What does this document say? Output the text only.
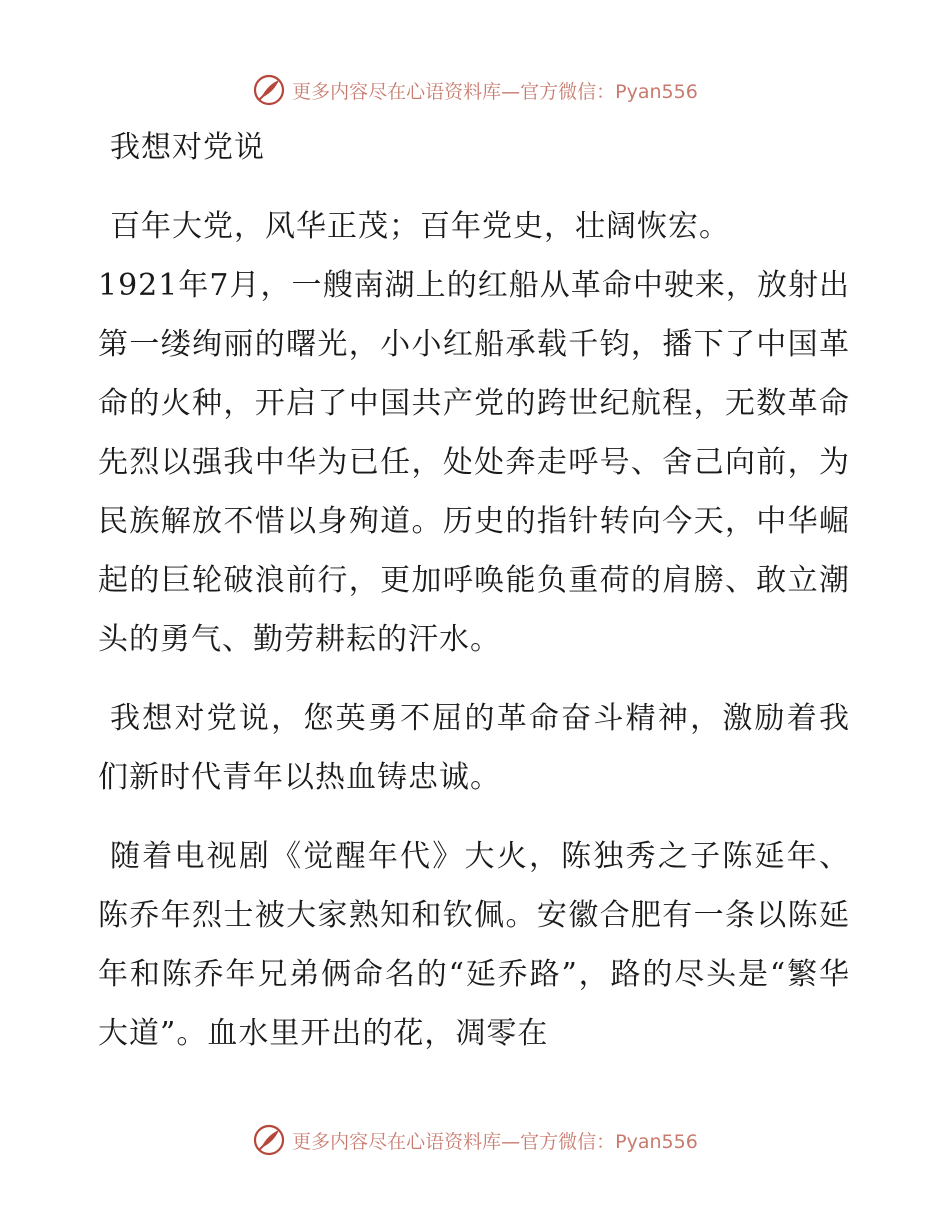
更多内容尽在心语资料库—官方微信：Pyan556

我想对党说

百年大党，风华正茂；百年党史，壮阔恢宏。

1921年7月，一艘南湖上的红船从革命中驶来，放射出第一缕绚丽的曙光，小小红船承载千钧，播下了中国革命的火种，开启了中国共产党的跨世纪航程，无数革命先烈以强我中华为已任，处处奔走呼号、舍己向前，为民族解放不惜以身殉道。历史的指针转向今天，中华崛起的巨轮破浪前行，更加呼唤能负重荷的肩膀、敢立潮头的勇气、勤劳耕耘的汗水。

我想对党说，您英勇不屈的革命奋斗精神，激励着我们新时代青年以热血铸忠诚。

随着电视剧《觉醒年代》大火，陈独秀之子陈延年、陈乔年烈士被大家熟知和钦佩。安徽合肥有一条以陈延年和陈乔年兄弟俩命名的“延乔路”，路的尽头是“繁华大道”。血水里开出的花，凋零在

更多内容尽在心语资料库—官方微信：Pyan556
